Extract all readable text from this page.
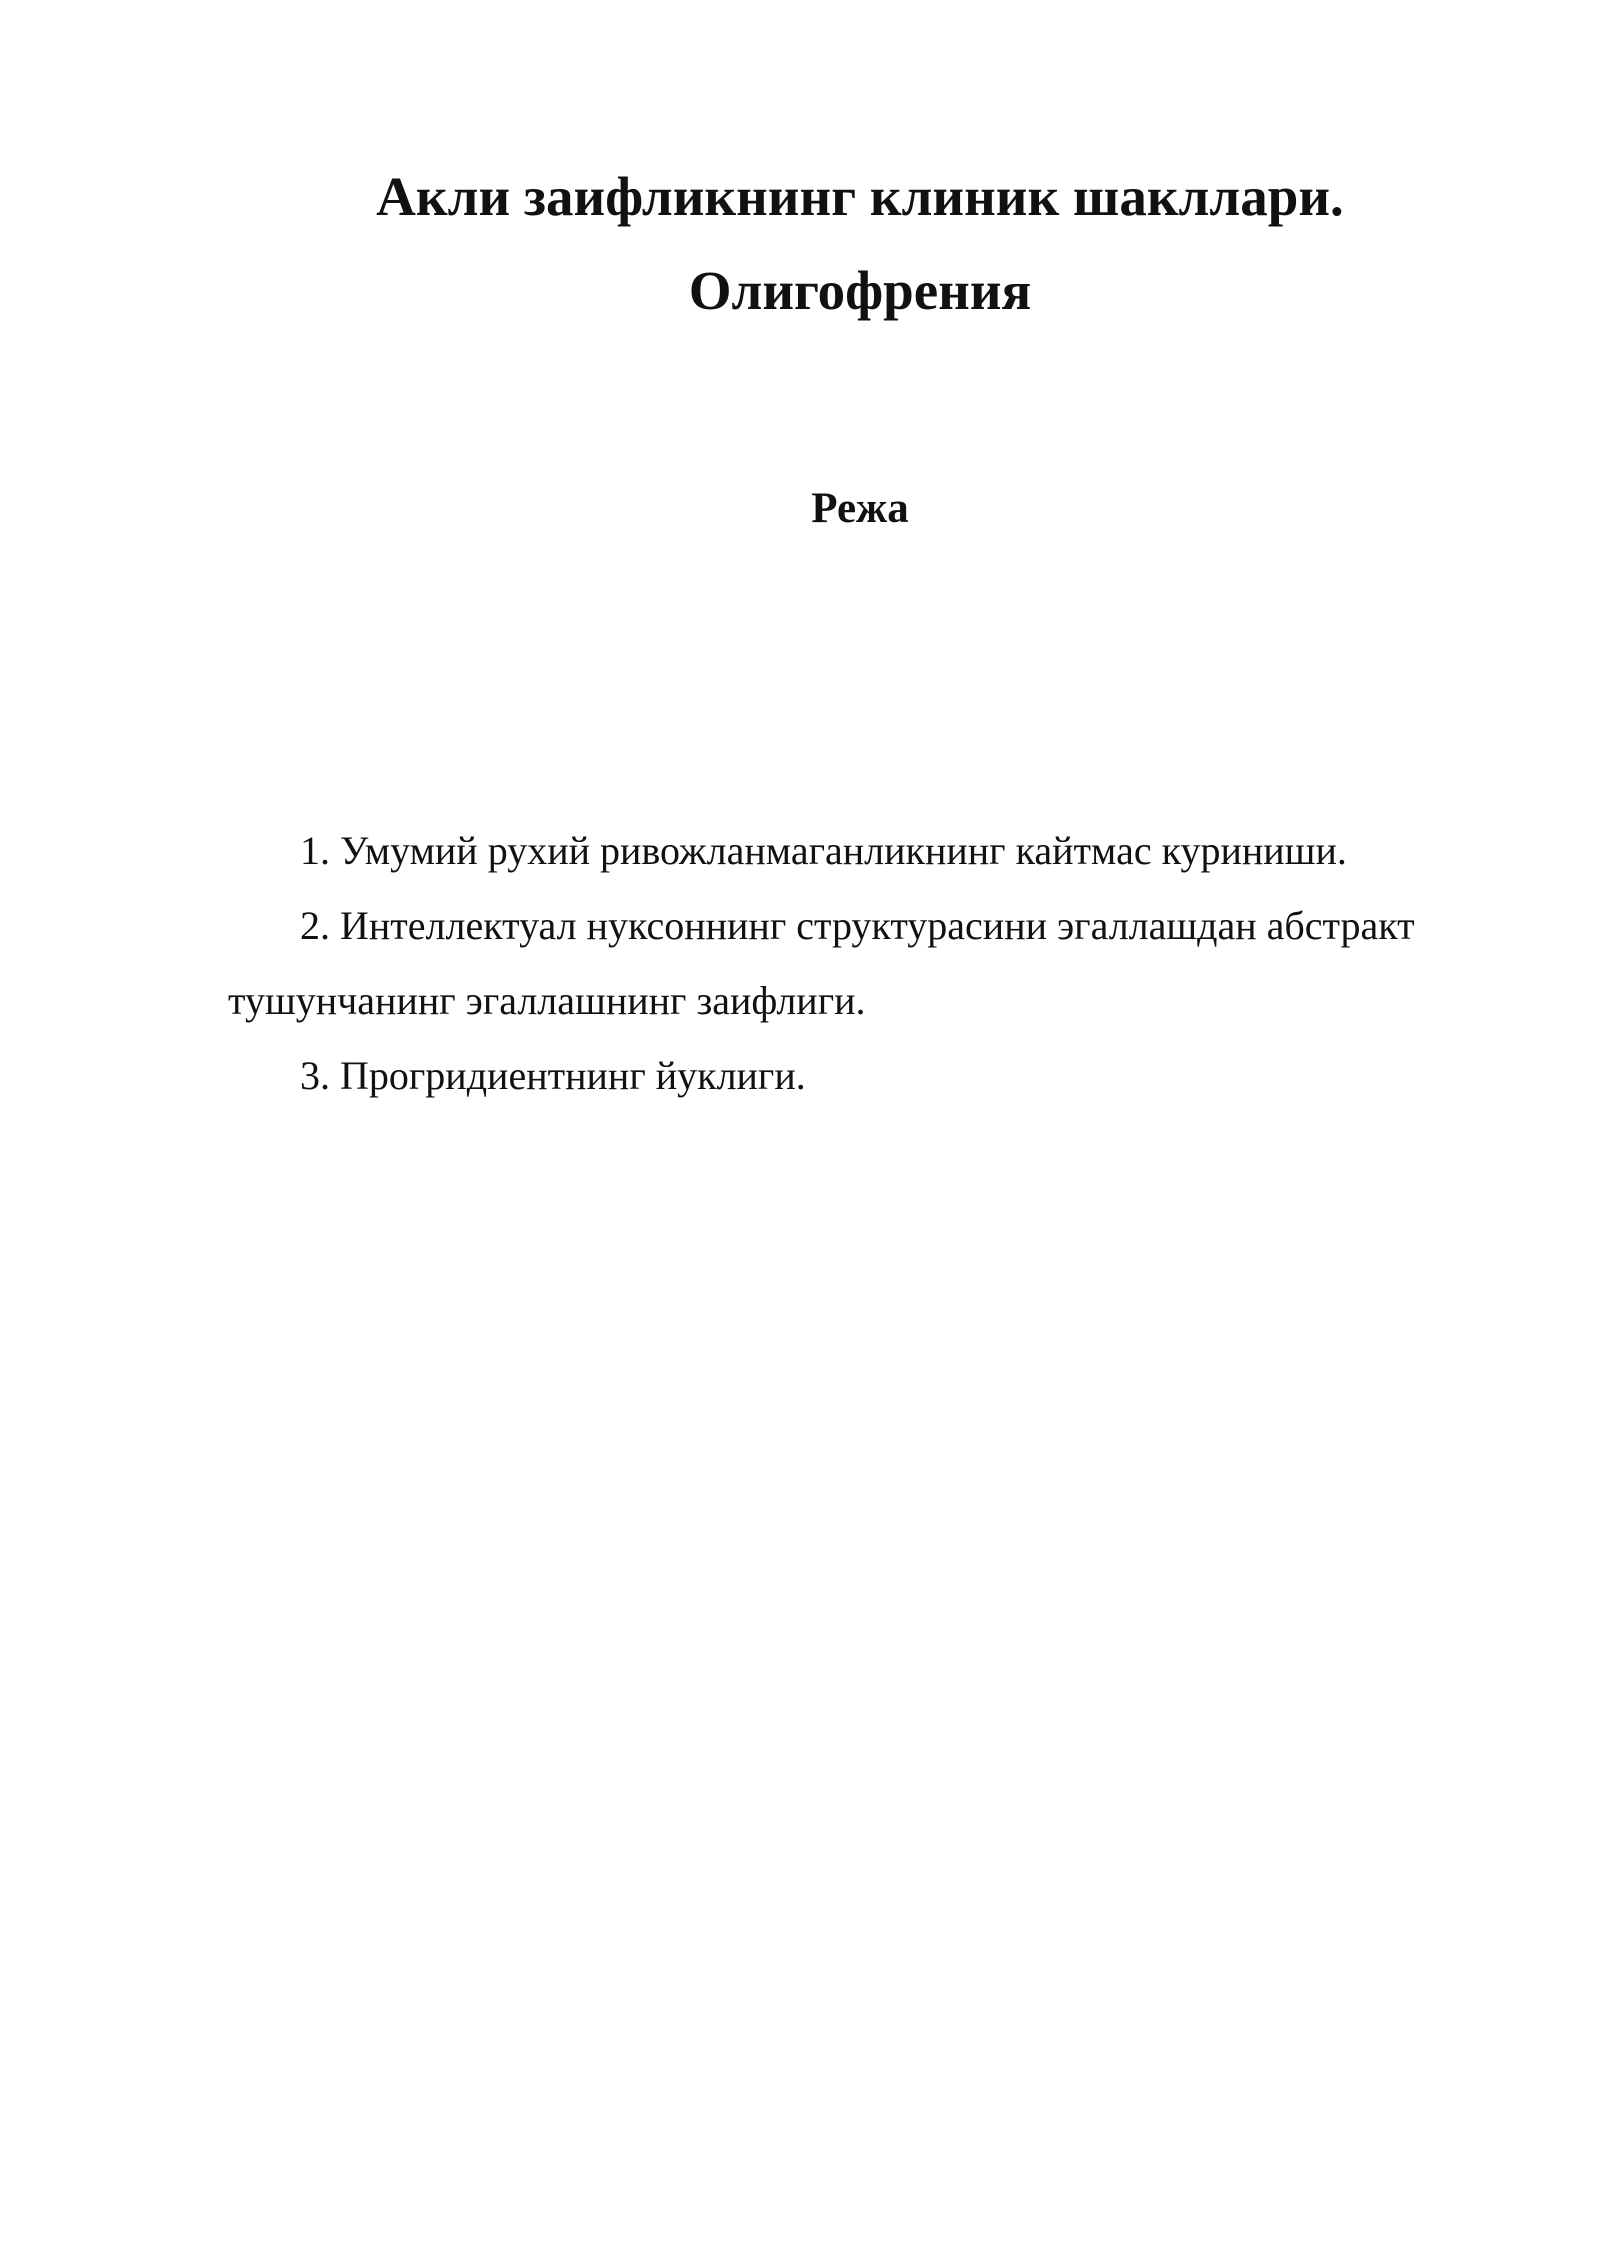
Акли заифликнинг клиник шакллари.
Олигофрения
Режа
1. Умумий рухий ривожланмаганликнинг кайтмас куриниши.
2. Интеллектуал нуксоннинг структурасини эгаллашдан абстракт тушунчанинг эгаллашнинг заифлиги.
3. Прогридиентнинг йуклиги.
